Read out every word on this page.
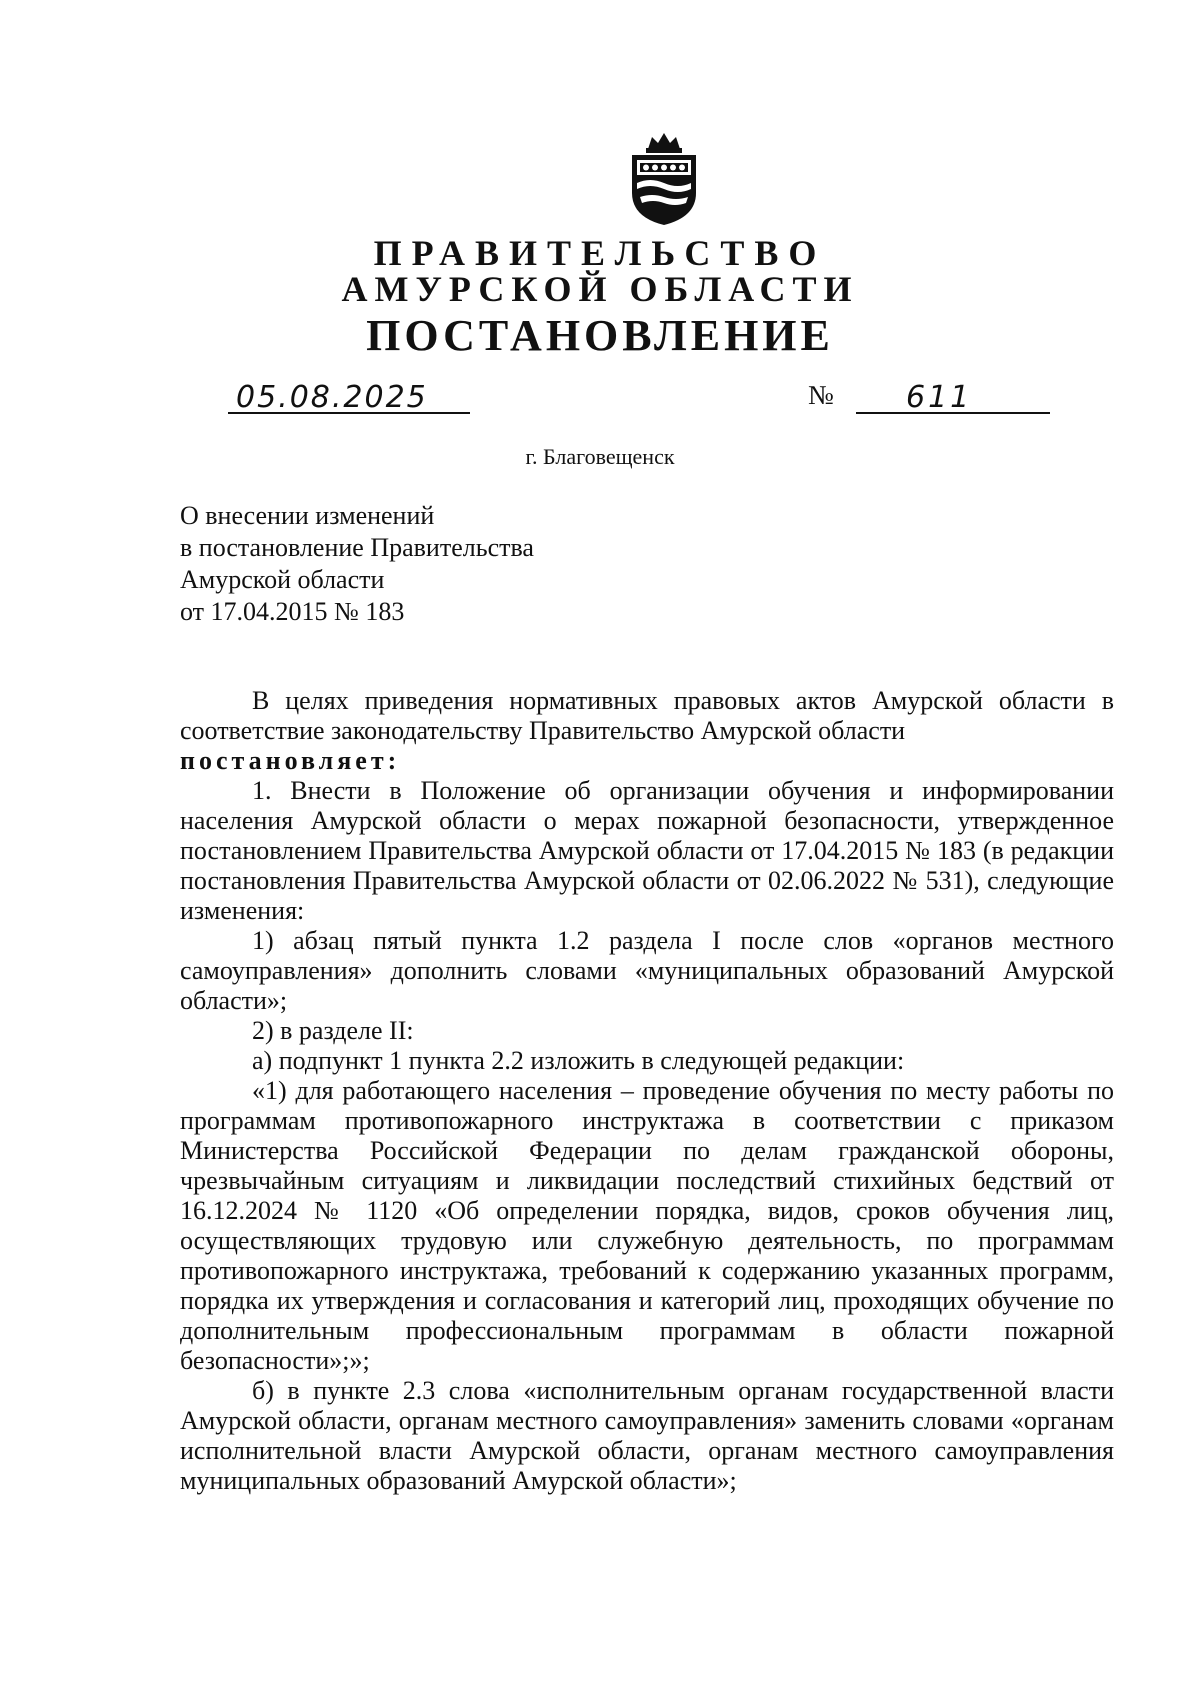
ПРАВИТЕЛЬСТВО
АМУРСКОЙ ОБЛАСТИ
ПОСТАНОВЛЕНИЕ
05.08.2025	№ 611
г. Благовещенск
О внесении изменений
в постановление Правительства
Амурской области
от 17.04.2015 № 183

В целях приведения нормативных правовых актов Амурской области в соответствие законодательству Правительство Амурской области

постановляет:

1. Внести в Положение об организации обучения и информировании населения Амурской области о мерах пожарной безопасности, утвержденное постановлением Правительства Амурской области от 17.04.2015 № 183 (в редакции постановления Правительства Амурской области от 02.06.2022 № 531), следующие изменения:

1) абзац пятый пункта 1.2 раздела I после слов «органов местного самоуправления» дополнить словами «муниципальных образований Амурской области»;

2) в разделе II:

а) подпункт 1 пункта 2.2 изложить в следующей редакции:

«1) для работающего населения – проведение обучения по месту работы по программам противопожарного инструктажа в соответствии с приказом Министерства Российской Федерации по делам гражданской обороны, чрезвычайным ситуациям и ликвидации последствий стихийных бедствий от 16.12.2024 № 1120 «Об определении порядка, видов, сроков обучения лиц, осуществляющих трудовую или служебную деятельность, по программам противопожарного инструктажа, требований к содержанию указанных программ, порядка их утверждения и согласования и категорий лиц, проходящих обучение по дополнительным профессиональным программам в области пожарной безопасности»;»;

б) в пункте 2.3 слова «исполнительным органам государственной власти Амурской области, органам местного самоуправления» заменить словами «органам исполнительной власти Амурской области, органам местного самоуправления муниципальных образований Амурской области»;
